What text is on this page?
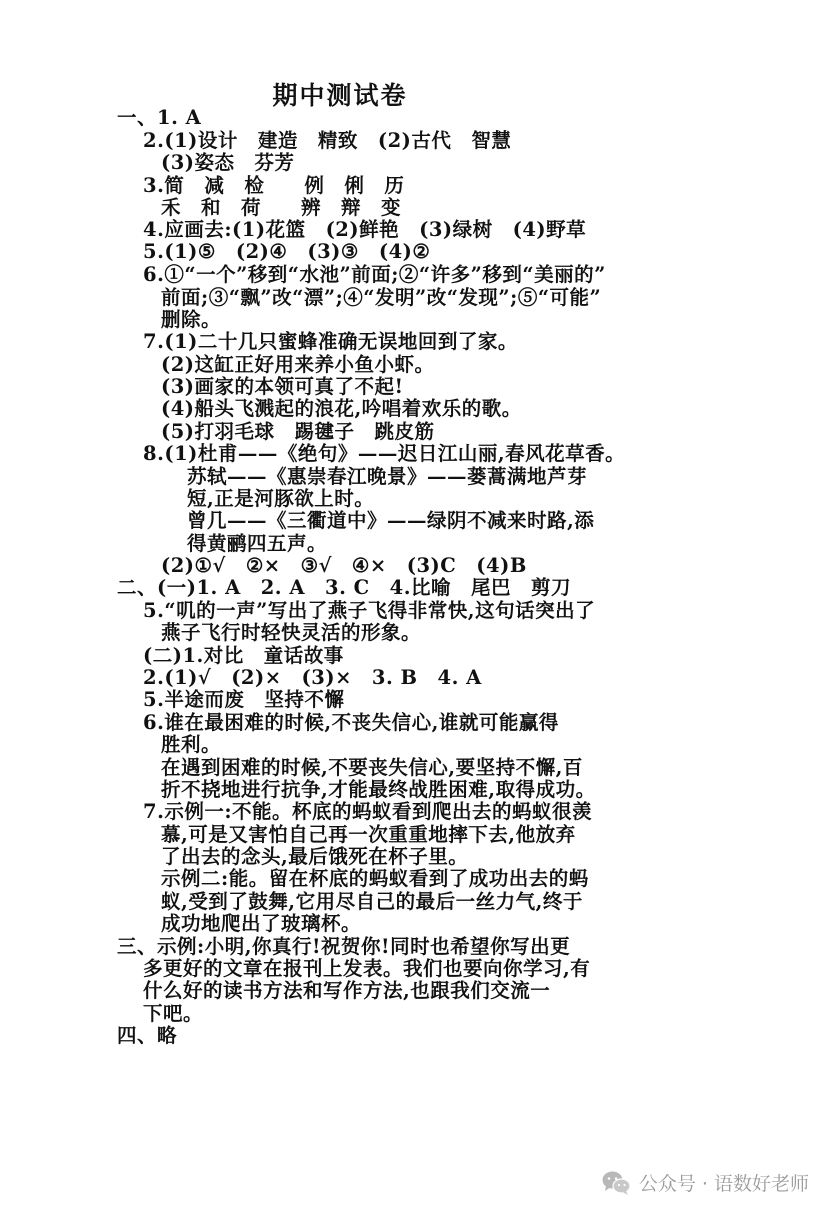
期中测试卷
一、1. A
2.(1)设计　建造　精致　(2)古代　智慧
(3)姿态　芬芳
3.简　减　检　　例　俐　历
禾　和　荷　　辨　辩　变
4.应画去:(1)花篮　(2)鲜艳　(3)绿树　(4)野草
5.(1)⑤　(2)④　(3)③　(4)②
6.①“一个”移到“水池”前面;②“许多”移到“美丽的”
前面;③“飘”改“漂”;④“发明”改“发现”;⑤“可能”
删除。
7.(1)二十几只蜜蜂准确无误地回到了家。
(2)这缸正好用来养小鱼小虾。
(3)画家的本领可真了不起!
(4)船头飞溅起的浪花,吟唱着欢乐的歌。
(5)打羽毛球　踢毽子　跳皮筋
8.(1)杜甫——《绝句》——迟日江山丽,春风花草香。
苏轼——《惠崇春江晚景》——蒌蒿满地芦芽
短,正是河豚欲上时。
曾几——《三衢道中》——绿阴不减来时路,添
得黄鹂四五声。
(2)①√　②×　③√　④×　(3)C　(4)B
二、(一)1. A　2. A　3. C　4.比喻　尾巴　剪刀
5.“叽的一声”写出了燕子飞得非常快,这句话突出了
燕子飞行时轻快灵活的形象。
(二)1.对比　童话故事
2.(1)√　(2)×　(3)×　3. B　4. A
5.半途而废　坚持不懈
6.谁在最困难的时候,不丧失信心,谁就可能赢得
胜利。
在遇到困难的时候,不要丧失信心,要坚持不懈,百
折不挠地进行抗争,才能最终战胜困难,取得成功。
7.示例一:不能。杯底的蚂蚁看到爬出去的蚂蚁很羡
慕,可是又害怕自己再一次重重地摔下去,他放弃
了出去的念头,最后饿死在杯子里。
示例二:能。留在杯底的蚂蚁看到了成功出去的蚂
蚁,受到了鼓舞,它用尽自己的最后一丝力气,终于
成功地爬出了玻璃杯。
三、示例:小明,你真行!祝贺你!同时也希望你写出更
多更好的文章在报刊上发表。我们也要向你学习,有
什么好的读书方法和写作方法,也跟我们交流一
下吧。
四、略
公众号 · 语数好老师
